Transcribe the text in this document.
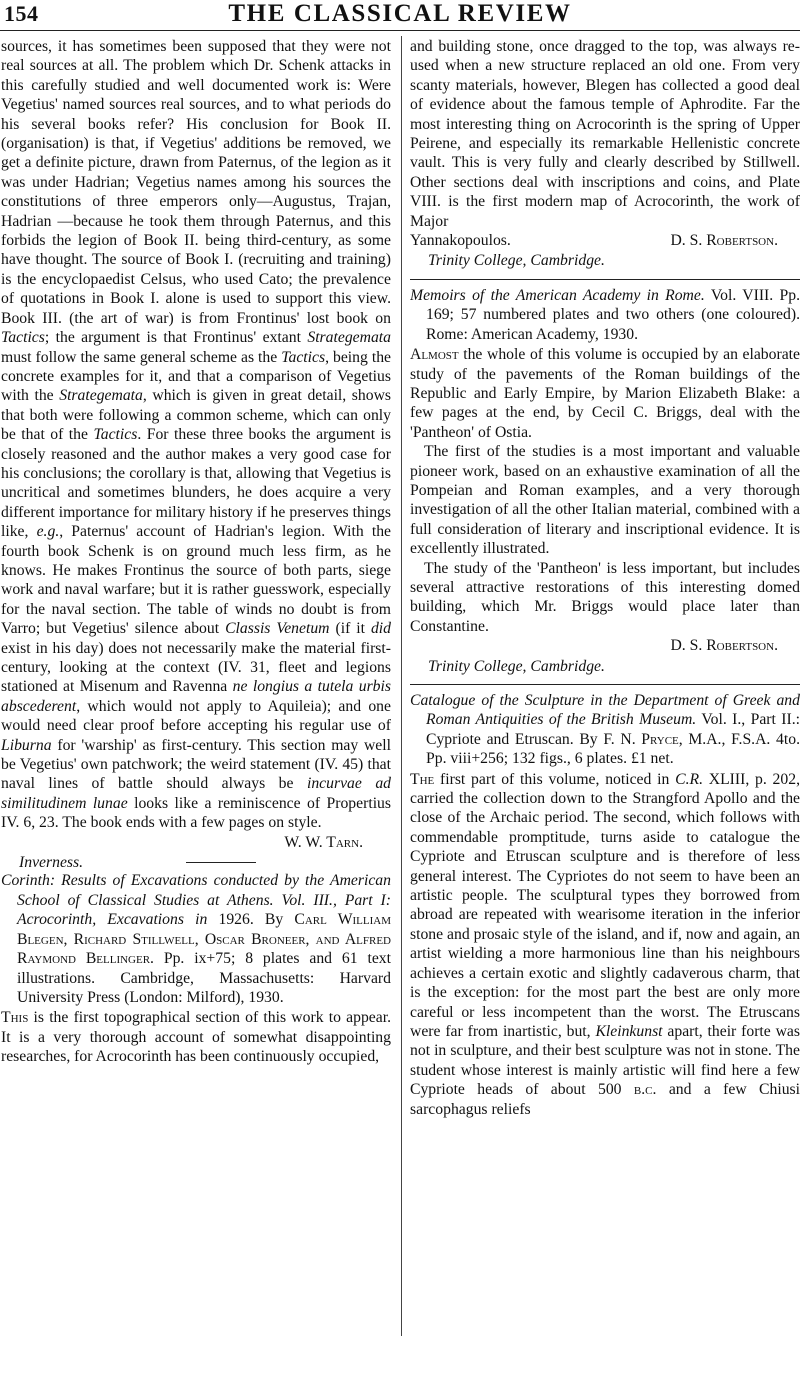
154	THE CLASSICAL REVIEW

sources, it has sometimes been supposed that they were not real sources at all. The problem which Dr. Schenk attacks in this carefully studied and well documented work is: Were Vegetius' named sources real sources, and to what periods do his several books refer? His conclusion for Book II. (organisation) is that, if Vegetius' additions be removed, we get a definite picture, drawn from Paternus, of the legion as it was under Hadrian; Vegetius names among his sources the constitutions of three emperors only—Augustus, Trajan, Hadrian —because he took them through Paternus, and this forbids the legion of Book II. being third-century, as some have thought. The source of Book I. (recruiting and training) is the encyclopaedist Celsus, who used Cato; the prevalence of quotations in Book I. alone is used to support this view. Book III. (the art of war) is from Frontinus' lost book on Tactics; the argument is that Frontinus' extant Strategemata must follow the same general scheme as the Tactics, being the concrete examples for it, and that a comparison of Vegetius with the Strategemata, which is given in great detail, shows that both were following a common scheme, which can only be that of the Tactics. For these three books the argument is closely reasoned and the author makes a very good case for his conclusions; the corollary is that, allowing that Vegetius is uncritical and sometimes blunders, he does acquire a very different importance for military history if he preserves things like, e.g., Paternus' account of Hadrian's legion. With the fourth book Schenk is on ground much less firm, as he knows. He makes Frontinus the source of both parts, siege work and naval warfare; but it is rather guesswork, especially for the naval section. The table of winds no doubt is from Varro; but Vegetius' silence about Classis Venetum (if it did exist in his day) does not necessarily make the material first-century, looking at the context (IV. 31, fleet and legions stationed at Misenum and Ravenna ne longius a tutela urbis abscederent, which would not apply to Aquileia); and one would need clear proof before accepting his regular use of Liburna for 'warship' as first-century. This section may well be Vegetius' own patchwork; the weird statement (IV. 45) that naval lines of battle should always be incurvae ad similitudinem lunae looks like a reminiscence of Propertius IV. 6, 23. The book ends with a few pages on style.
W. W. Tarn.

Inverness.

Corinth: Results of Excavations conducted by the American School of Classical Studies at Athens. Vol. III., Part I: Acrocorinth, Excavations in 1926. By Carl William Blegen, Richard Stillwell, Oscar Broneer, and Alfred Raymond Bellinger. Pp. ix+75; 8 plates and 61 text illustrations. Cambridge, Massachusetts: Harvard University Press (London: Milford), 1930.

This is the first topographical section of this work to appear. It is a very thorough account of somewhat disappointing researches, for Acrocorinth has been continuously occupied,

and building stone, once dragged to the top, was always re-used when a new structure replaced an old one. From very scanty materials, however, Blegen has collected a good deal of evidence about the famous temple of Aphrodite. Far the most interesting thing on Acrocorinth is the spring of Upper Peirene, and especially its remarkable Hellenistic concrete vault. This is very fully and clearly described by Stillwell. Other sections deal with inscriptions and coins, and Plate VIII. is the first modern map of Acrocorinth, the work of Major

Yannakopoulos.	D. S. Robertson.
Trinity College, Cambridge.

Memoirs of the American Academy in Rome. Vol. VIII. Pp. 169; 57 numbered plates and two others (one coloured). Rome: American Academy, 1930.

Almost the whole of this volume is occupied by an elaborate study of the pavements of the Roman buildings of the Republic and Early Empire, by Marion Elizabeth Blake: a few pages at the end, by Cecil C. Briggs, deal with the 'Pantheon' of Ostia.

The first of the studies is a most important and valuable pioneer work, based on an exhaustive examination of all the Pompeian and Roman examples, and a very thorough investigation of all the other Italian material, combined with a full consideration of literary and inscriptional evidence. It is excellently illustrated.

The study of the 'Pantheon' is less important, but includes several attractive restorations of this interesting domed building, which Mr. Briggs would place later than Constantine.

D. S. Robertson.
Trinity College, Cambridge.

Catalogue of the Sculpture in the Department of Greek and Roman Antiquities of the British Museum. Vol. I., Part II.: Cypriote and Etruscan. By F. N. Pryce, M.A., F.S.A. 4to. Pp. viii+256; 132 figs., 6 plates. £1 net.

The first part of this volume, noticed in C.R. XLIII, p. 202, carried the collection down to the Strangford Apollo and the close of the Archaic period. The second, which follows with commendable promptitude, turns aside to catalogue the Cypriote and Etruscan sculpture and is therefore of less general interest. The Cypriotes do not seem to have been an artistic people. The sculptural types they borrowed from abroad are repeated with wearisome iteration in the inferior stone and prosaic style of the island, and if, now and again, an artist wielding a more harmonious line than his neighbours achieves a certain exotic and slightly cadaverous charm, that is the exception: for the most part the best are only more careful or less incompetent than the worst. The Etruscans were far from inartistic, but, Kleinkunst apart, their forte was not in sculpture, and their best sculpture was not in stone. The student whose interest is mainly artistic will find here a few Cypriote heads of about 500 b.c. and a few Chiusi sarcophagus reliefs
